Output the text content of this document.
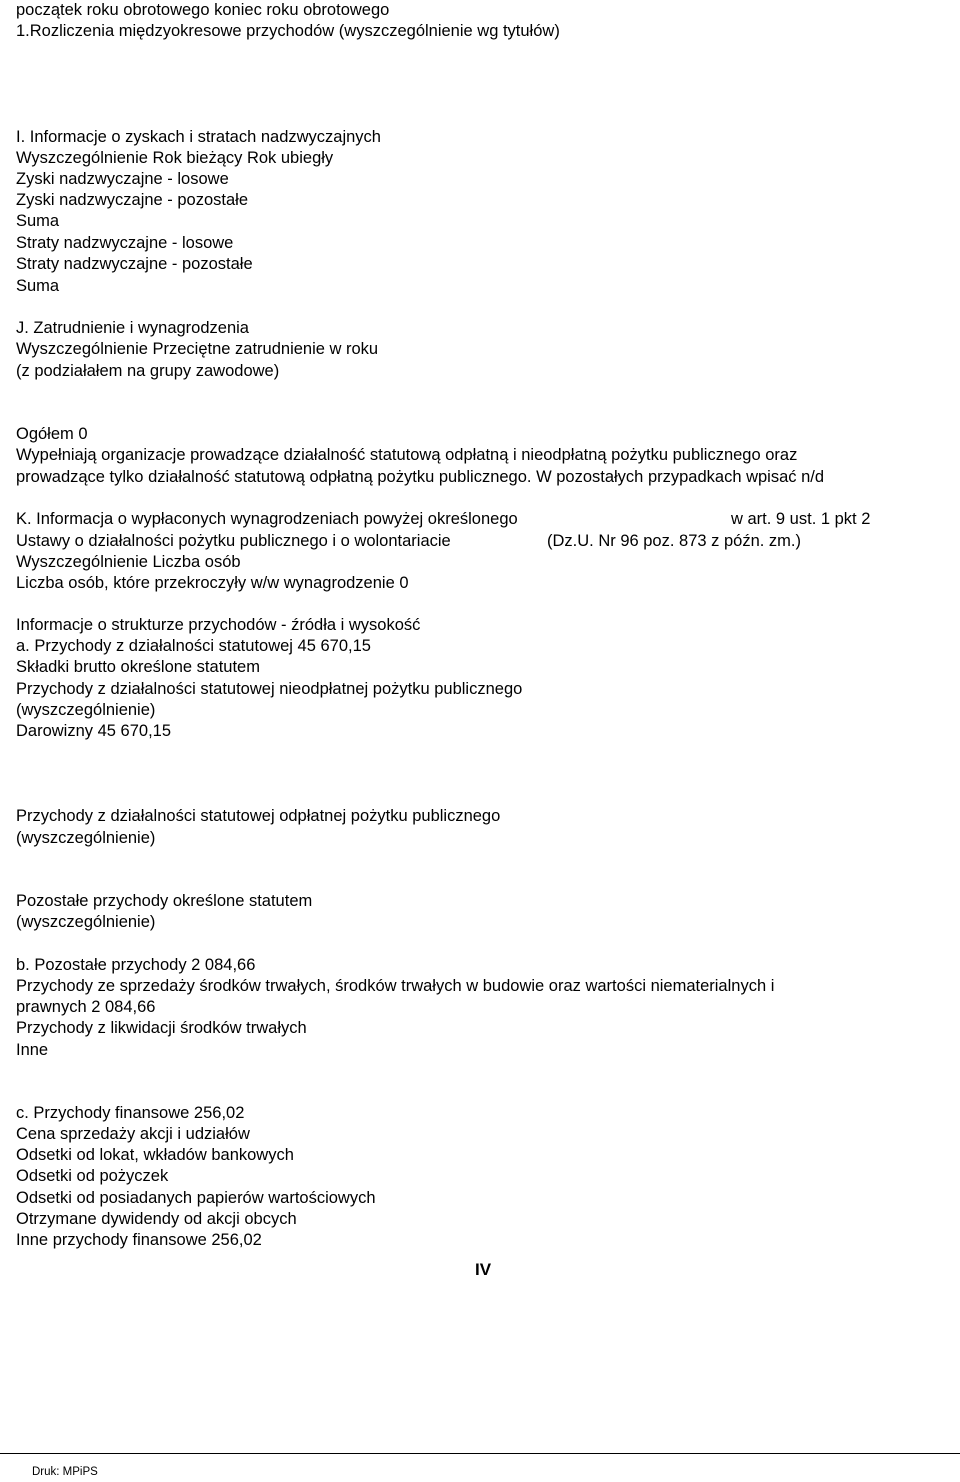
początek roku obrotowego koniec roku obrotowego
1.Rozliczenia międzyokresowe przychodów (wyszczególnienie wg tytułów)
I. Informacje o zyskach i stratach nadzwyczajnych
Wyszczególnienie Rok bieżący Rok ubiegły
Zyski nadzwyczajne - losowe
Zyski nadzwyczajne - pozostałe
Suma
Straty nadzwyczajne - losowe
Straty nadzwyczajne - pozostałe
Suma
J. Zatrudnienie i wynagrodzenia
Wyszczególnienie Przeciętne zatrudnienie w roku
(z podziałałem na grupy zawodowe)
Ogółem 0
Wypełniają organizacje prowadzące działalność statutową odpłatną i nieodpłatną pożytku publicznego oraz
prowadzące tylko działalność statutową odpłatną pożytku publicznego. W pozostałych przypadkach wpisać n/d
K. Informacja o wypłaconych wynagrodzeniach powyżej określonego	w art. 9 ust. 1 pkt 2
Ustawy o działalności pożytku publicznego i o wolontariacie	(Dz.U. Nr 96 poz. 873 z późn. zm.)
Wyszczególnienie Liczba osób
Liczba osób, które przekroczyły w/w wynagrodzenie 0
Informacje o strukturze przychodów - źródła i wysokość
a. Przychody z działalności statutowej 45 670,15
Składki brutto określone statutem
Przychody z działalności statutowej nieodpłatnej pożytku publicznego
(wyszczególnienie)
Darowizny 45 670,15
Przychody z działalności statutowej odpłatnej pożytku publicznego
(wyszczególnienie)
Pozostałe przychody określone statutem
(wyszczególnienie)
b. Pozostałe przychody 2 084,66
Przychody ze sprzedaży środków trwałych, środków trwałych w budowie oraz wartości niematerialnych i
prawnych 2 084,66
Przychody z likwidacji środków trwałych
Inne
c. Przychody finansowe 256,02
Cena sprzedaży akcji i udziałów
Odsetki od lokat, wkładów bankowych
Odsetki od pożyczek
Odsetki od posiadanych papierów wartościowych
Otrzymane dywidendy od akcji obcych
Inne przychody finansowe 256,02
IV
Druk: MPiPS
